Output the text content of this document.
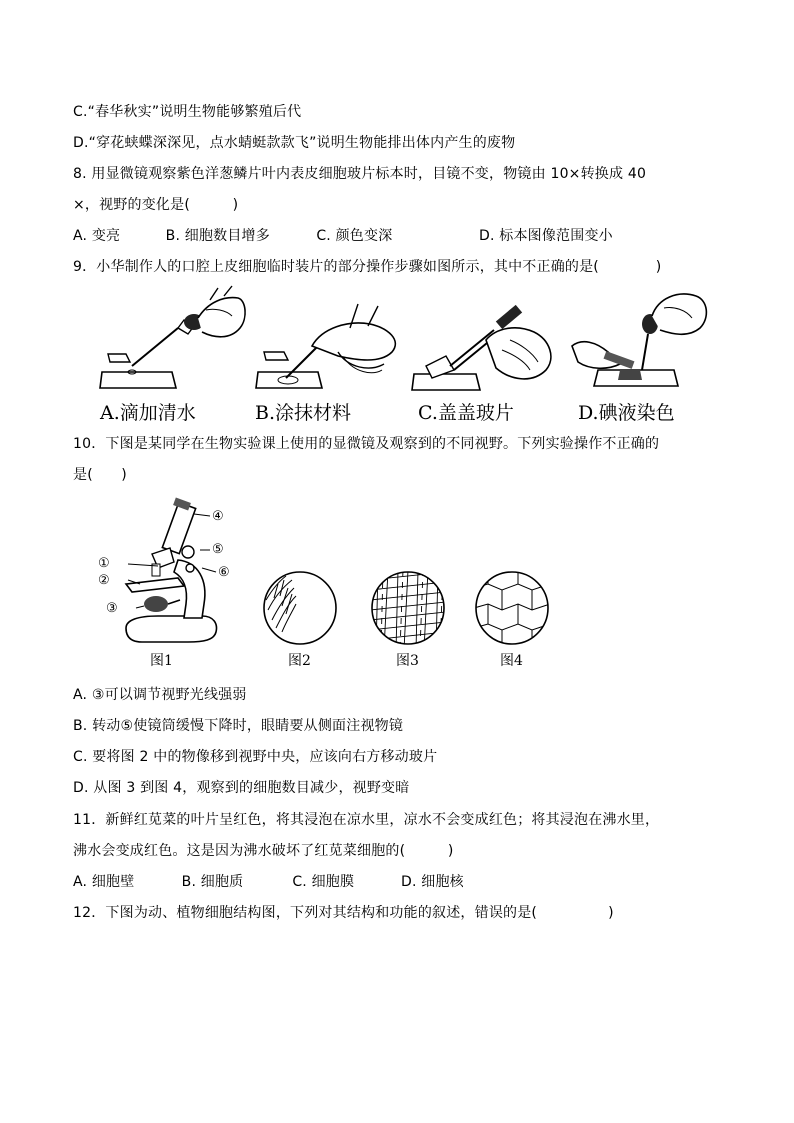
C.“春华秋实”说明生物能够繁殖后代
D.“穿花蛱蝶深深见，点水蜻蜓款款飞”说明生物能排出体内产生的废物
8. 用显微镜观察紫色洋葱鳞片叶内表皮细胞玻片标本时，目镜不变，物镜由 10×转换成 40
×，视野的变化是(　　　)
A. 变亮	B. 细胞数目增多	C. 颜色变深	D. 标本图像范围变小
9．小华制作人的口腔上皮细胞临时装片的部分操作步骤如图所示，其中不正确的是(　　　　)
A.滴加清水	B.涂抹材料	C.盖盖玻片	D.碘液染色
10．下图是某同学在生物实验课上使用的显微镜及观察到的不同视野。下列实验操作不正确的
是(　　)
①
②
③
④
⑤
⑥
图1	图2	图3	图4
A. ③可以调节视野光线强弱
B. 转动⑤使镜筒缓慢下降时，眼睛要从侧面注视物镜
C. 要将图 2 中的物像移到视野中央，应该向右方移动玻片
D. 从图 3 到图 4，观察到的细胞数目减少，视野变暗
11．新鲜红苋菜的叶片呈红色，将其浸泡在凉水里，凉水不会变成红色；将其浸泡在沸水里，
沸水会变成红色。这是因为沸水破坏了红苋菜细胞的(　　　)
A. 细胞壁	B. 细胞质	C. 细胞膜	D. 细胞核
12．下图为动、植物细胞结构图，下列对其结构和功能的叙述，错误的是(　　　　　)
